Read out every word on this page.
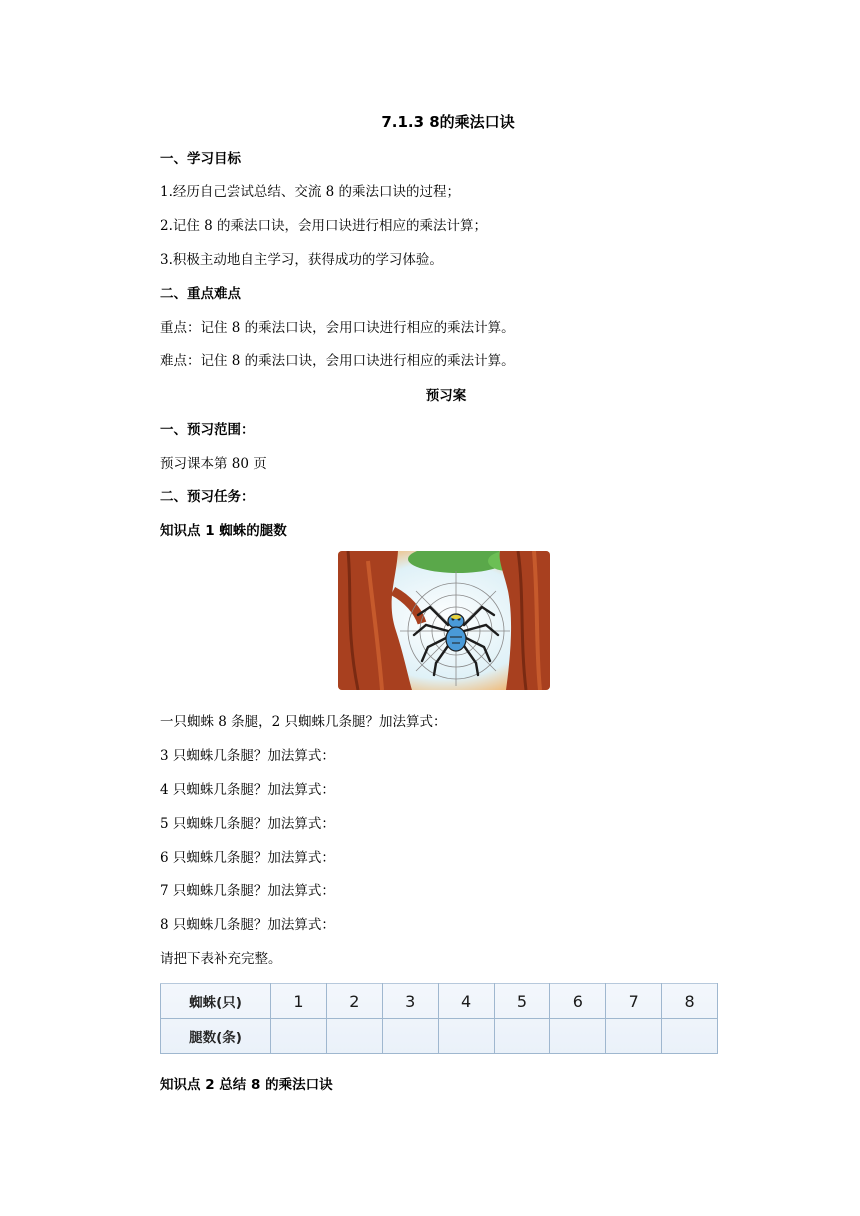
7.1.3 8的乘法口诀
一、学习目标
1.经历自己尝试总结、交流 8 的乘法口诀的过程；
2.记住 8 的乘法口诀，会用口诀进行相应的乘法计算；
3.积极主动地自主学习，获得成功的学习体验。
二、重点难点
重点：记住 8 的乘法口诀，会用口诀进行相应的乘法计算。
难点：记住 8 的乘法口诀，会用口诀进行相应的乘法计算。
预习案
一、预习范围：
预习课本第 80 页
二、预习任务：
知识点 1 蜘蛛的腿数
一只蜘蛛 8 条腿，2 只蜘蛛几条腿？加法算式：
3 只蜘蛛几条腿？加法算式：
4 只蜘蛛几条腿？加法算式：
5 只蜘蛛几条腿？加法算式：
6 只蜘蛛几条腿？加法算式：
7 只蜘蛛几条腿？加法算式：
8 只蜘蛛几条腿？加法算式：
请把下表补充完整。
蜘蛛(只)	1	2	3	4	5	6	7	8
腿数(条)								
知识点 2 总结 8 的乘法口诀
